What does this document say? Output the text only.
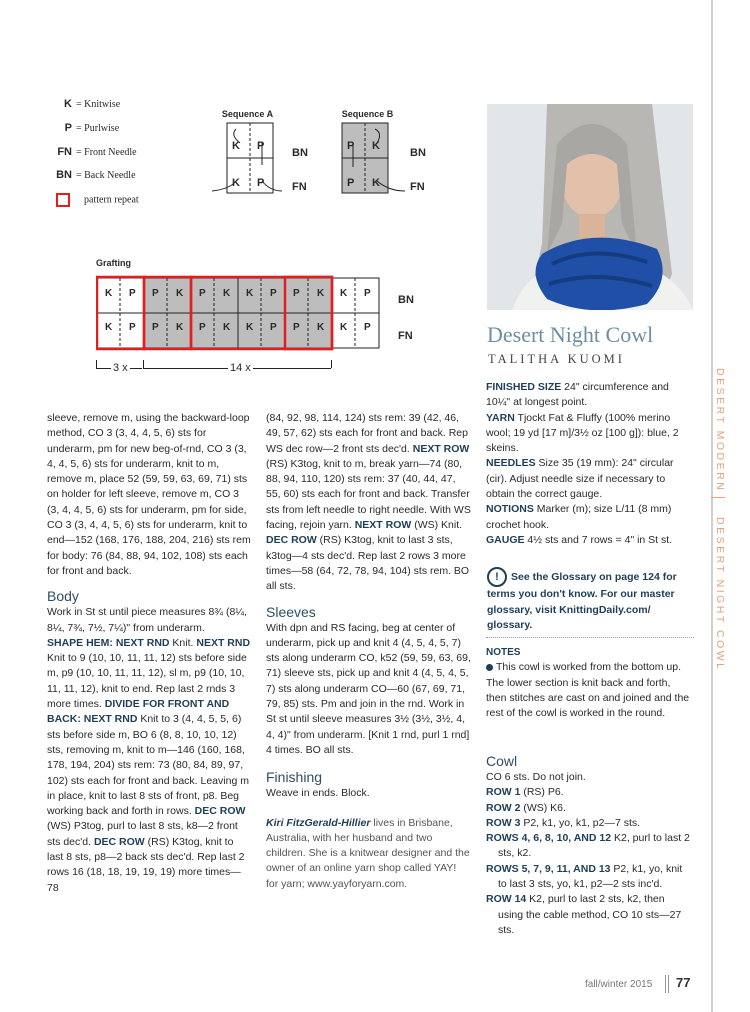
K = Knitwise
P = Purlwise
FN = Front Needle
BN = Back Needle
pattern repeat
Sequence A
K P
K P
BN
FN
Sequence B
P K
P K
BN
FN
Grafting
K P P K P K K P P K K P
K P P K P K K P P K K P
BN
FN
3 x	14 x
Desert Night Cowl
TALITHA KUOMI

FINISHED SIZE 24" circumference and 10¼" at longest point.

YARN Tjockt Fat & Fluffy (100% merino wool; 19 yd [17 m]/3½ oz [100 g]): blue, 2 skeins.

NEEDLES Size 35 (19 mm): 24" circular (cir). Adjust needle size if necessary to obtain the correct gauge.

NOTIONS Marker (m); size L/11 (8 mm) crochet hook.

GAUGE 4½ sts and 7 rows = 4" in St st.

! See the Glossary on page 124 for
terms you don't know. For our master glossary, visit KnittingDaily.com/ glossary.

NOTES

This cowl is worked from the bottom up. The lower section is knit back and forth, then stitches are cast on and joined and the rest of the cowl is worked in the round.

Cowl

CO 6 sts. Do not join.

ROW 1 (RS) P6.

ROW 2 (WS) K6.

ROW 3 P2, k1, yo, k1, p2—7 sts.

ROWS 4, 6, 8, 10, AND 12 K2, purl to last 2 sts, k2.

ROWS 5, 7, 9, 11, AND 13 P2, k1, yo, knit to last 3 sts, yo, k1, p2—2 sts inc'd.

ROW 14 K2, purl to last 2 sts, k2, then using the cable method, CO 10 sts—27 sts.

sleeve, remove m, using the backward-loop method, CO 3 (3, 4, 4, 5, 6) sts for underarm, pm for new beg-of-rnd, CO 3 (3, 4, 4, 5, 6) sts for underarm, knit to m, remove m, place 52 (59, 59, 63, 69, 71) sts on holder for left sleeve, remove m, CO 3 (3, 4, 4, 5, 6) sts for underarm, pm for side, CO 3 (3, 4, 4, 5, 6) sts for underarm, knit to end—152 (168, 176, 188, 204, 216) sts rem for body: 76 (84, 88, 94, 102, 108) sts each for front and back.

Body

Work in St st until piece measures 8¾ (8¼, 8¼, 7¾, 7½, 7¼)" from underarm.

SHAPE HEM: NEXT RND Knit. NEXT RND Knit to 9 (10, 10, 11, 11, 12) sts before side m, p9 (10, 10, 11, 11, 12), sl m, p9 (10, 10, 11, 11, 12), knit to end. Rep last 2 rnds 3 more times. DIVIDE FOR FRONT AND BACK: NEXT RND Knit to 3 (4, 4, 5, 5, 6) sts before side m, BO 6 (8, 8, 10, 10, 12) sts, removing m, knit to m—146 (160, 168, 178, 194, 204) sts rem: 73 (80, 84, 89, 97, 102) sts each for front and back. Leaving m in place, knit to last 8 sts of front, p8. Beg working back and forth in rows. DEC ROW (WS) P3tog, purl to last 8 sts, k8—2 front sts dec'd. DEC ROW (RS) K3tog, knit to last 8 sts, p8—2 back sts dec'd. Rep last 2 rows 16 (18, 18, 19, 19, 19) more times—78

(84, 92, 98, 114, 124) sts rem: 39 (42, 46, 49, 57, 62) sts each for front and back. Rep WS dec row—2 front sts dec'd. NEXT ROW (RS) K3tog, knit to m, break yarn—74 (80, 88, 94, 110, 120) sts rem: 37 (40, 44, 47, 55, 60) sts each for front and back. Transfer sts from left needle to right needle. With WS facing, rejoin yarn. NEXT ROW (WS) Knit. DEC ROW (RS) K3tog, knit to last 3 sts, k3tog—4 sts dec'd. Rep last 2 rows 3 more times—58 (64, 72, 78, 94, 104) sts rem. BO all sts.

Sleeves

With dpn and RS facing, beg at center of underarm, pick up and knit 4 (4, 5, 4, 5, 7) sts along underarm CO, k52 (59, 59, 63, 69, 71) sleeve sts, pick up and knit 4 (4, 5, 4, 5, 7) sts along underarm CO—60 (67, 69, 71, 79, 85) sts. Pm and join in the rnd. Work in St st until sleeve measures 3½ (3½, 3½, 4, 4, 4)" from underarm. [Knit 1 rnd, purl 1 rnd] 4 times. BO all sts.

Finishing

Weave in ends. Block.

Kiri FitzGerald-Hillier lives in Brisbane, Australia, with her husband and two children. She is a knitwear designer and the owner of an online yarn shop called YAY! for yarn; www.yayforyarn.com.

DESERT MODERN
DESERT NIGHT COWL
fall/winter 2015 77
